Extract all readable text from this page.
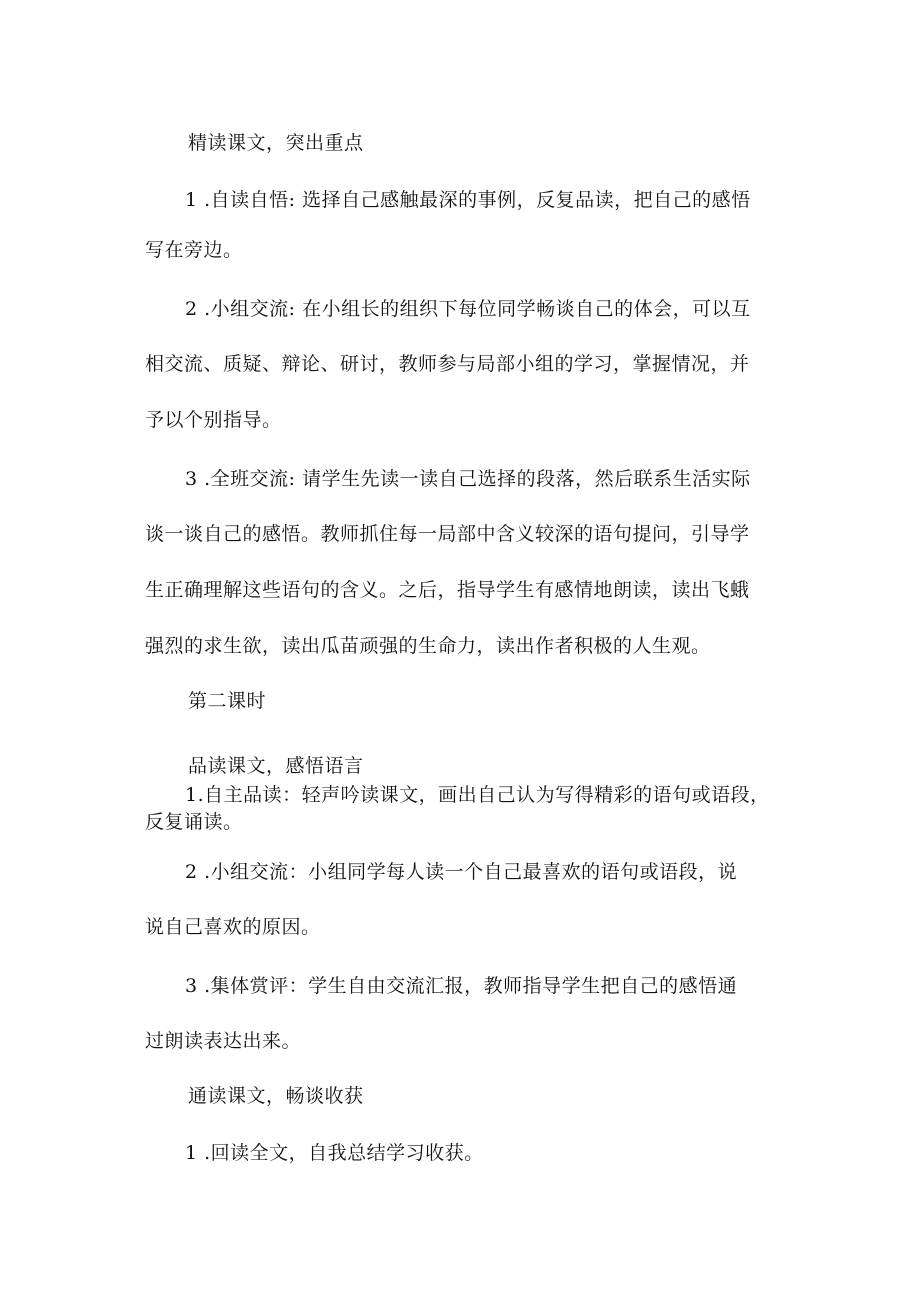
精读课文，突出重点
1 .自读自悟: 选择自己感触最深的事例，反复品读，把自己的感悟
写在旁边。
2 .小组交流: 在小组长的组织下每位同学畅谈自己的体会，可以互
相交流、质疑、辩论、研讨，教师参与局部小组的学习，掌握情况，并
予以个别指导。
3 .全班交流: 请学生先读一读自己选择的段落，然后联系生活实际
谈一谈自己的感悟。教师抓住每一局部中含义较深的语句提问，引导学
生正确理解这些语句的含义。之后，指导学生有感情地朗读，读出飞蛾
强烈的求生欲，读出瓜苗顽强的生命力，读出作者积极的人生观。
第二课时
品读课文，感悟语言
1.自主品读：轻声吟读课文，画出自己认为写得精彩的语句或语段，
反复诵读。
2 .小组交流：小组同学每人读一个自己最喜欢的语句或语段，说
说自己喜欢的原因。
3 .集体赏评：学生自由交流汇报，教师指导学生把自己的感悟通
过朗读表达出来。
通读课文，畅谈收获
1 .回读全文，自我总结学习收获。
